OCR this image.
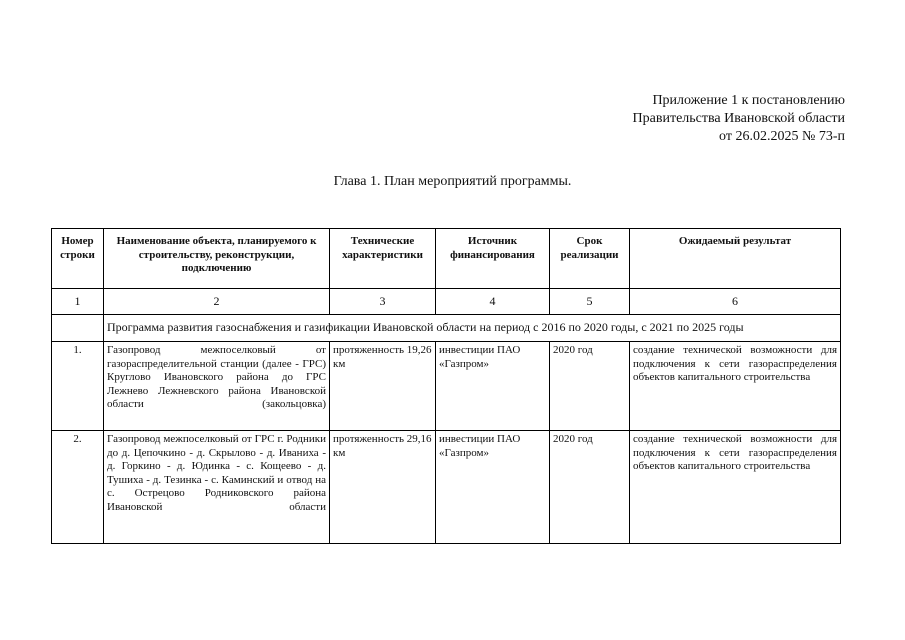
Приложение 1 к постановлению
Правительства Ивановской области
от 26.02.2025 № 73-п
Глава 1. План мероприятий программы.
Номер строки	Наименование объекта, планируемого к строительству, реконструкции, подключению	Технические характеристики	Источник финансирования	Срок реализации	Ожидаемый результат
1	2	3	4	5	6
	Программа развития газоснабжения и газификации Ивановской области на период с 2016 по 2020 годы, с 2021 по 2025 годы				
1.	Газопровод межпоселковый от газораспределительной станции (далее - ГРС) Круглово Ивановского района до ГРС Лежнево Лежневского района Ивановской области (закольцовка)	протяженность 19,26 км	инвестиции ПАО «Газпром»	2020 год	создание технической возможности для подключения к сети газораспределения объектов капитального строительства
2.	Газопровод межпоселковый от ГРС г. Родники до д. Цепочкино - д. Скрылово - д. Иваниха - д. Горкино - д. Юдинка - с. Кощеево - д. Тушиха - д. Тезинка - с. Каминский и отвод на с. Острецово Родниковского района Ивановской области	протяженность 29,16 км	инвестиции ПАО «Газпром»	2020 год	создание технической возможности для подключения к сети газораспределения объектов капитального строительства
